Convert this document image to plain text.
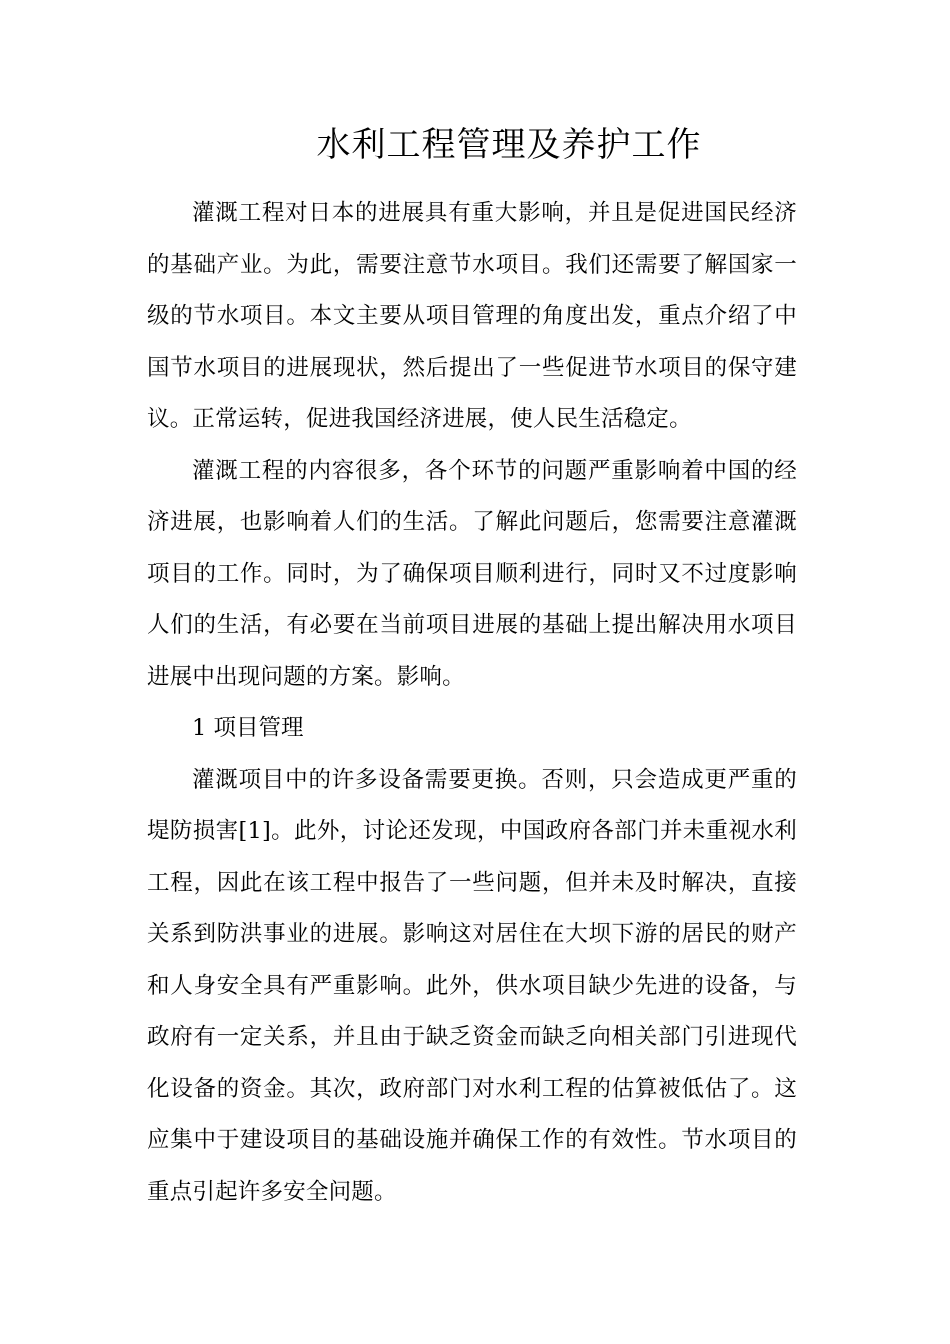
水利工程管理及养护工作

灌溉工程对日本的进展具有重大影响，并且是促进国民经济的基础产业。为此，需要注意节水项目。我们还需要了解国家一级的节水项目。本文主要从项目管理的角度出发，重点介绍了中国节水项目的进展现状，然后提出了一些促进节水项目的保守建议。正常运转，促进我国经济进展，使人民生活稳定。

灌溉工程的内容很多，各个环节的问题严重影响着中国的经济进展，也影响着人们的生活。了解此问题后，您需要注意灌溉项目的工作。同时，为了确保项目顺利进行，同时又不过度影响人们的生活，有必要在当前项目进展的基础上提出解决用水项目进展中出现问题的方案。影响。

1 项目管理

灌溉项目中的许多设备需要更换。否则，只会造成更严重的堤防损害[1]。此外，讨论还发现，中国政府各部门并未重视水利工程，因此在该工程中报告了一些问题，但并未及时解决，直接关系到防洪事业的进展。影响这对居住在大坝下游的居民的财产和人身安全具有严重影响。此外，供水项目缺少先进的设备，与政府有一定关系，并且由于缺乏资金而缺乏向相关部门引进现代化设备的资金。其次，政府部门对水利工程的估算被低估了。这应集中于建设项目的基础设施并确保工作的有效性。节水项目的重点引起许多安全问题。
